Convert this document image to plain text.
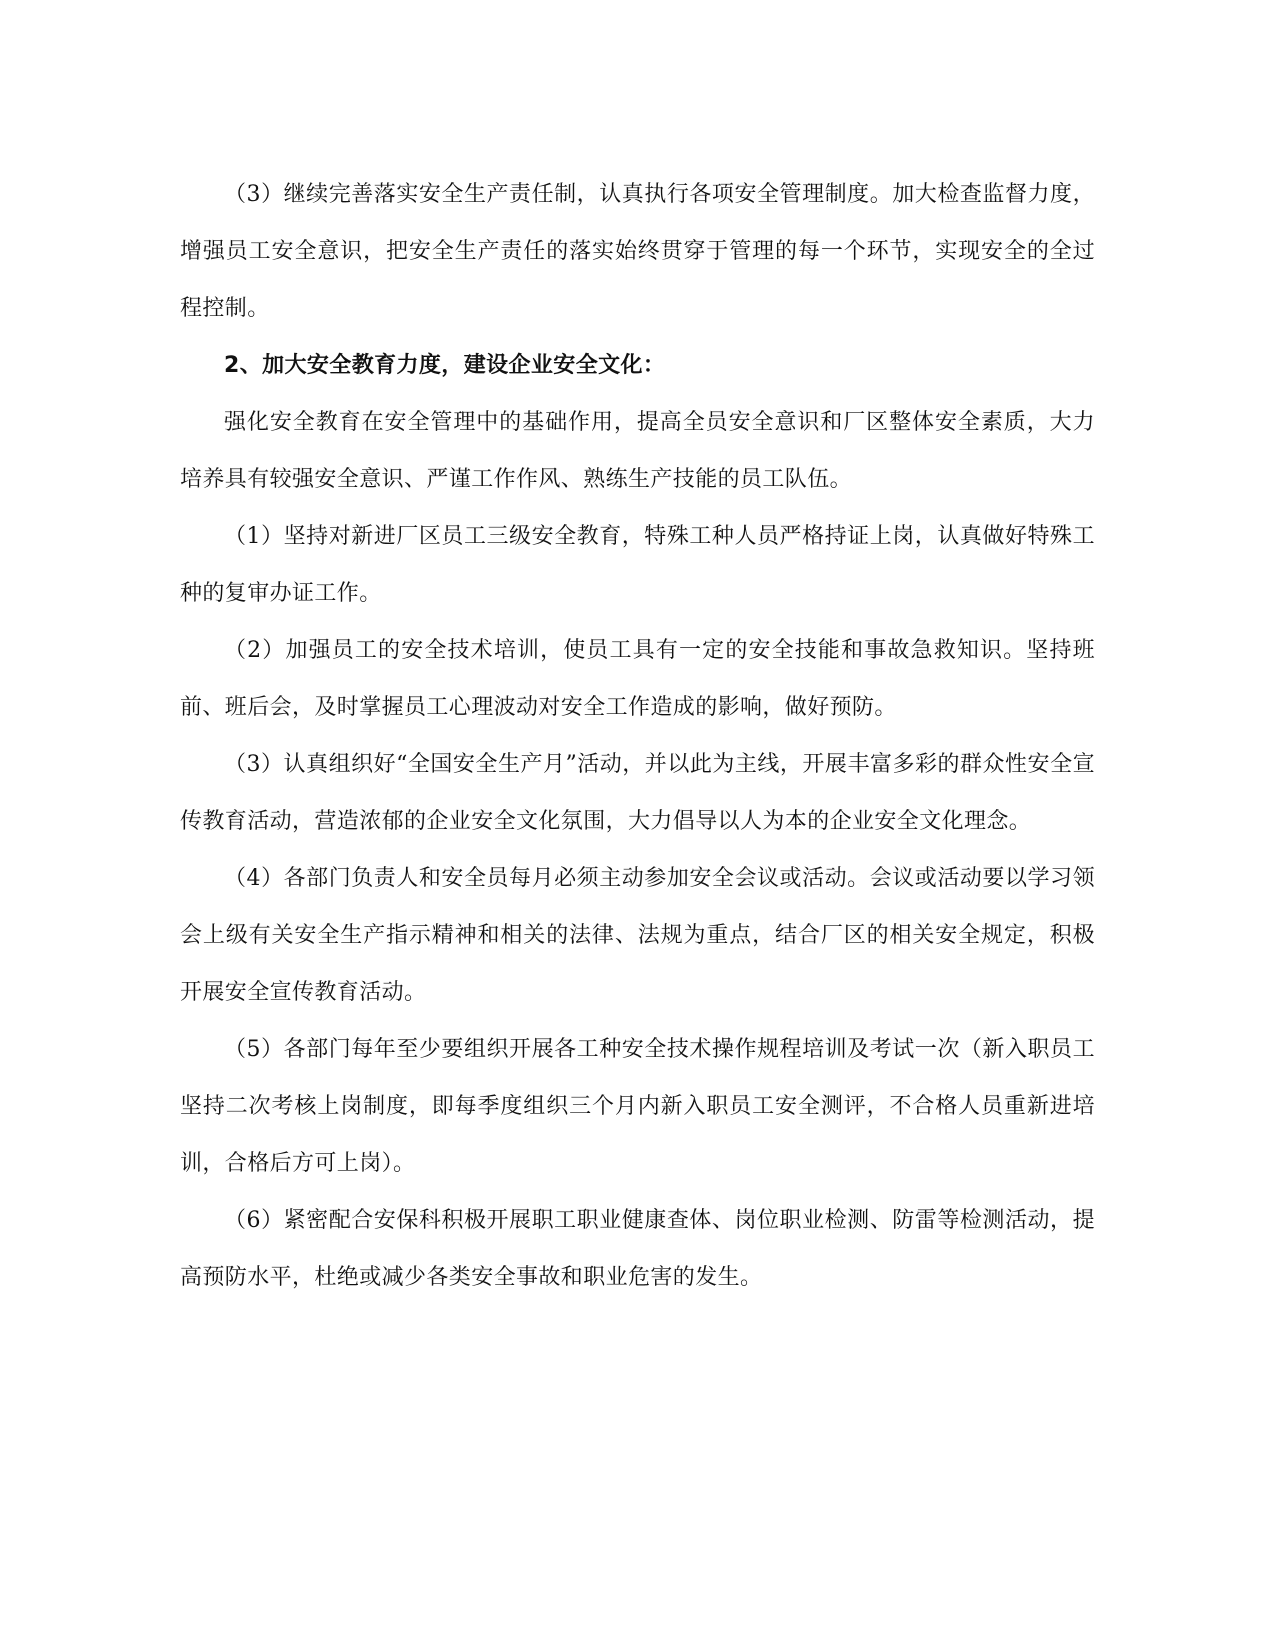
（3）继续完善落实安全生产责任制，认真执行各项安全管理制度。加大检查监督力度，增强员工安全意识，把安全生产责任的落实始终贯穿于管理的每一个环节，实现安全的全过程控制。

2、加大安全教育力度，建设企业安全文化：

强化安全教育在安全管理中的基础作用，提高全员安全意识和厂区整体安全素质，大力培养具有较强安全意识、严谨工作作风、熟练生产技能的员工队伍。

（1）坚持对新进厂区员工三级安全教育，特殊工种人员严格持证上岗，认真做好特殊工种的复审办证工作。

（2）加强员工的安全技术培训，使员工具有一定的安全技能和事故急救知识。坚持班前、班后会，及时掌握员工心理波动对安全工作造成的影响，做好预防。

（3）认真组织好“全国安全生产月”活动，并以此为主线，开展丰富多彩的群众性安全宣传教育活动，营造浓郁的企业安全文化氛围，大力倡导以人为本的企业安全文化理念。

（4）各部门负责人和安全员每月必须主动参加安全会议或活动。会议或活动要以学习领会上级有关安全生产指示精神和相关的法律、法规为重点，结合厂区的相关安全规定，积极开展安全宣传教育活动。

（5）各部门每年至少要组织开展各工种安全技术操作规程培训及考试一次（新入职员工坚持二次考核上岗制度，即每季度组织三个月内新入职员工安全测评，不合格人员重新进培训，合格后方可上岗）。

（6）紧密配合安保科积极开展职工职业健康查体、岗位职业检测、防雷等检测活动，提高预防水平，杜绝或减少各类安全事故和职业危害的发生。
